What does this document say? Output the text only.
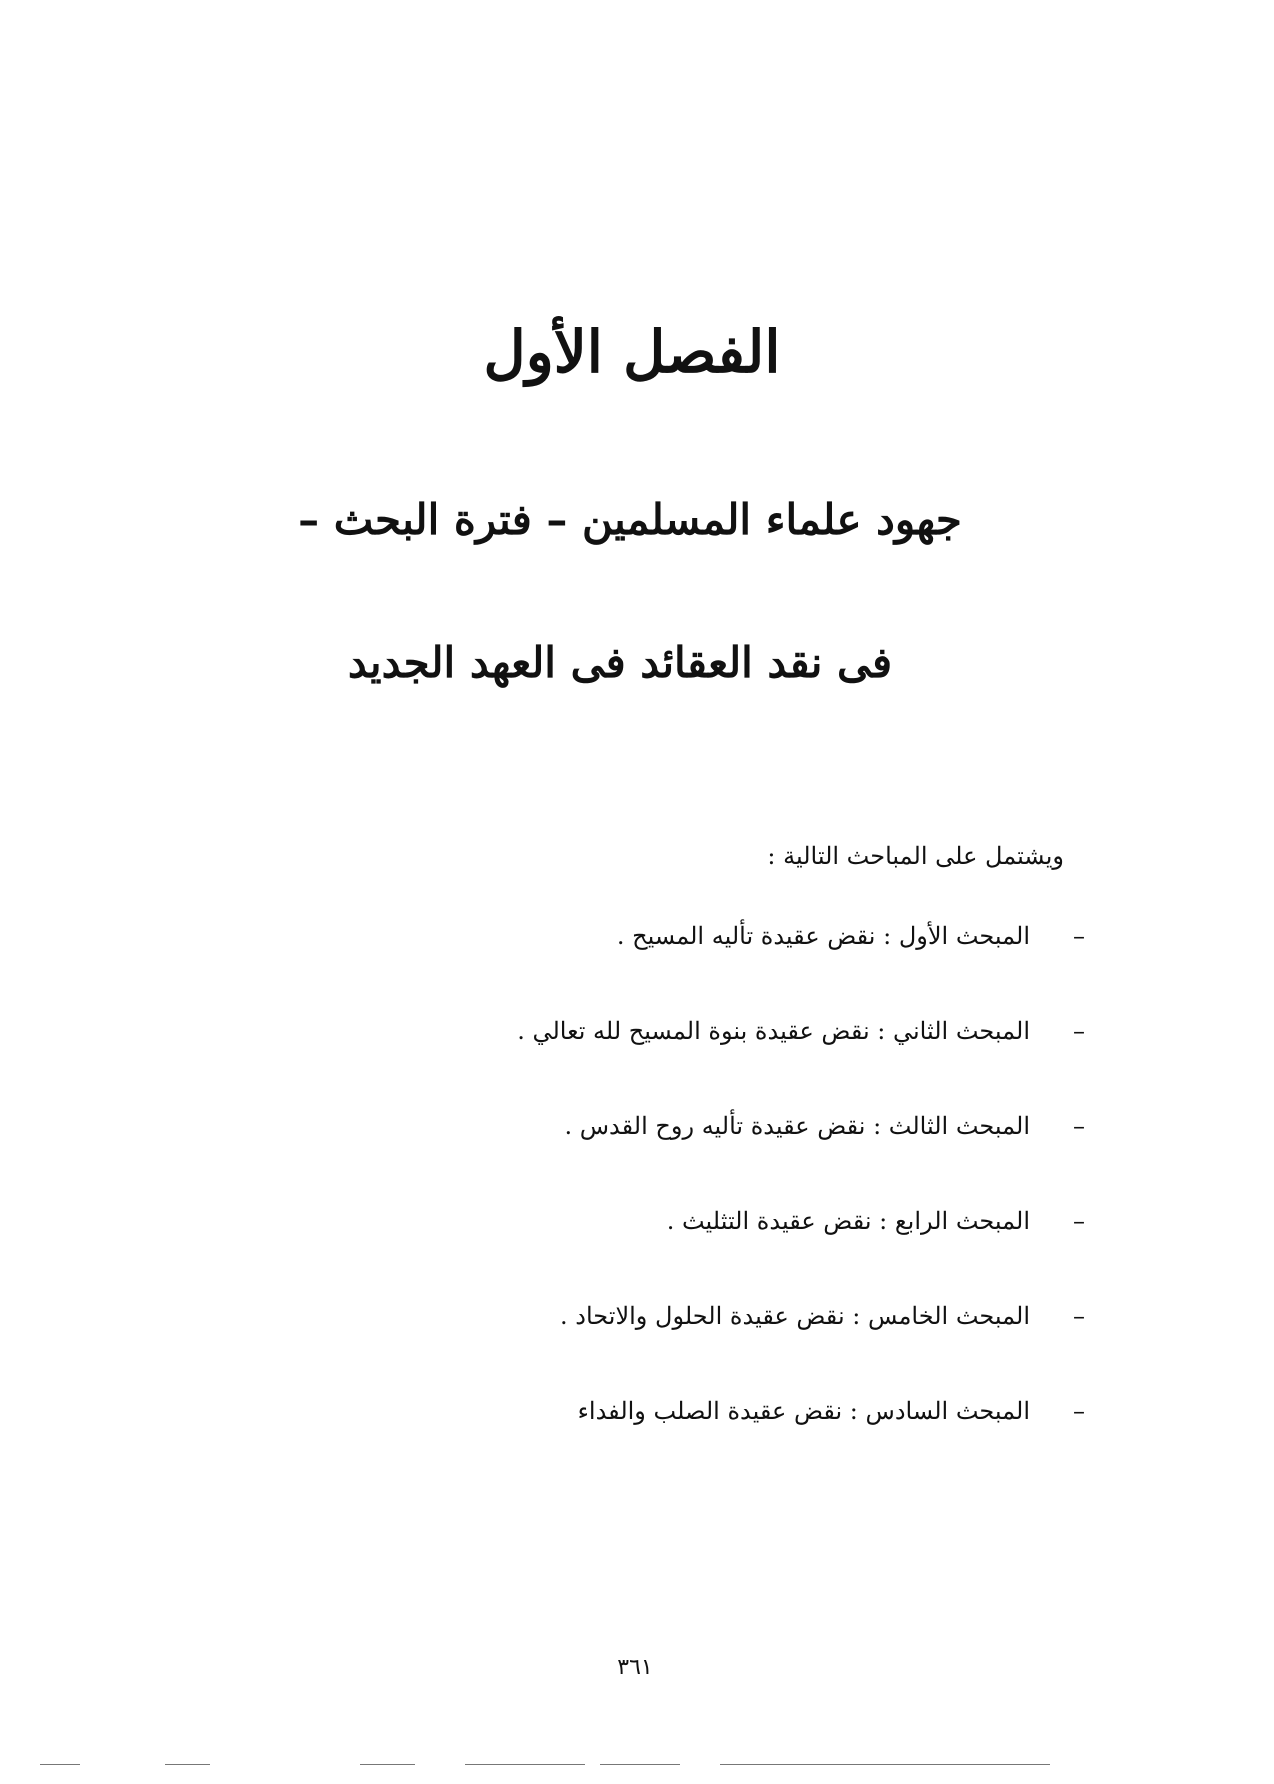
الفصل الأول
جهود علماء المسلمين – فترة البحث –
فى نقد العقائد فى العهد الجديد
ويشتمل على المباحث التالية :
–
المبحث الأول : نقض عقيدة تأليه المسيح .
–
المبحث الثاني : نقض عقيدة بنوة المسيح لله تعالي .
–
المبحث الثالث : نقض عقيدة تأليه روح القدس .
–
المبحث الرابع : نقض عقيدة التثليث .
–
المبحث الخامس : نقض عقيدة الحلول والاتحاد .
–
المبحث السادس : نقض عقيدة الصلب والفداء
٣٦١
